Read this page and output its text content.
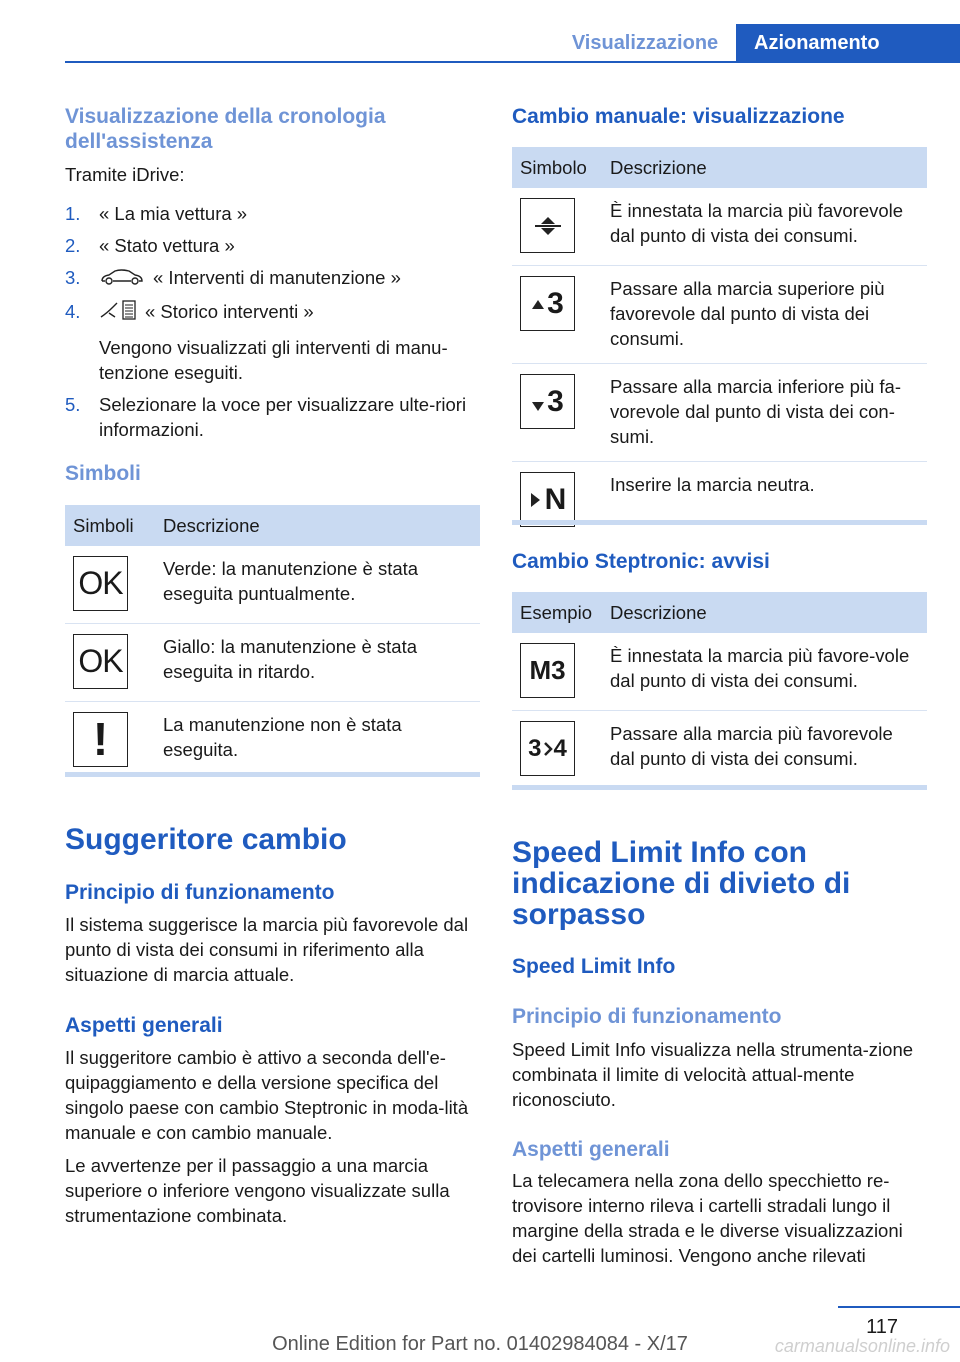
Visualizzazione	Azionamento
Visualizzazione della cronologia dell'assistenza
Tramite iDrive:
1. « La mia vettura »
2. « Stato vettura »
3.	« Interventi di manutenzione »
4.	« Storico interventi »
Vengono visualizzati gli interventi di manu-tenzione eseguiti.
5. Selezionare la voce per visualizzare ulte-riori informazioni.
Simboli
Simboli	Descrizione

OK	Verde: la manutenzione è stata eseguita puntualmente.

OK	Giallo: la manutenzione è stata eseguita in ritardo.

!	La manutenzione non è stata eseguita.
Suggeritore cambio
Principio di funzionamento
Il sistema suggerisce la marcia più favorevole dal punto di vista dei consumi in riferimento alla situazione di marcia attuale.
Aspetti generali
Il suggeritore cambio è attivo a seconda dell'e-quipaggiamento e della versione specifica del singolo paese con cambio Steptronic in moda-lità manuale e con cambio manuale.
Le avvertenze per il passaggio a una marcia superiore o inferiore vengono visualizzate sulla strumentazione combinata.
Cambio manuale: visualizzazione
Simbolo	Descrizione

	È innestata la marcia più favorevole dal punto di vista dei consumi.

3	Passare alla marcia superiore più favorevole dal punto di vista dei consumi.

3	Passare alla marcia inferiore più fa-vorevole dal punto di vista dei con-sumi.

N	Inserire la marcia neutra.
Cambio Steptronic: avvisi
Esempio	Descrizione

M3	È innestata la marcia più favore-vole dal punto di vista dei consumi.

3 4	Passare alla marcia più favorevole dal punto di vista dei consumi.
Speed Limit Info con indicazione di divieto di sorpasso
Speed Limit Info
Principio di funzionamento
Speed Limit Info visualizza nella strumenta-zione combinata il limite di velocità attual-mente riconosciuto.
Aspetti generali
La telecamera nella zona dello specchietto re-trovisore interno rileva i cartelli stradali lungo il margine della strada e le diverse visualizzazioni dei cartelli luminosi. Vengono anche rilevati
117
Online Edition for Part no. 01402984084 - X/17	carmanualsonline.info
